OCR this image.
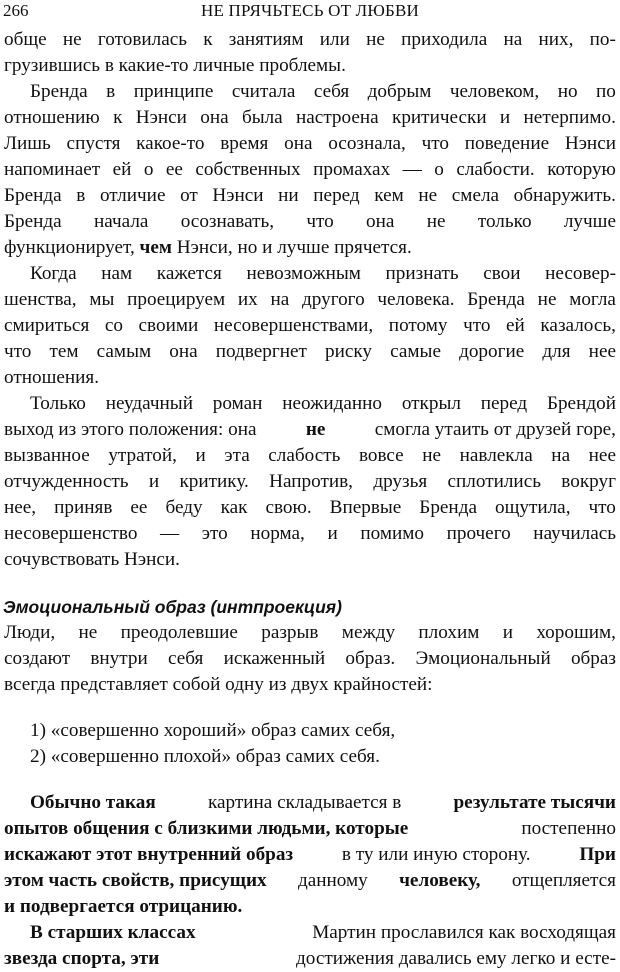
266	НЕ ПРЯЧЬТЕСЬ ОТ ЛЮБВИ
обще не готовилась к занятиям или не приходила на них, по-
грузившись в какие-то личные проблемы.
Бренда в принципе считала себя добрым человеком, но по
отношению к Нэнси она была настроена критически и нетерпимо.
Лишь спустя какое-то время она осознала, что поведение Нэнси
напоминает ей о ее собственных промахах — о слабости. которую
Бренда в отличие от Нэнси ни перед кем не смела обнаружить.
Бренда начала осознавать, что она не только лучше
функционирует, чем Нэнси, но и лучше прячется.
Когда нам кажется невозможным признать свои несовер-
шенства, мы проецируем их на другого человека. Бренда не могла
смириться со своими несовершенствами, потому что ей казалось,
что тем самым она подвергнет риску самые дорогие для нее
отношения.
Только неудачный роман неожиданно открыл перед Брендой
выход из этого положения: она	не	смогла утаить от друзей горе,
вызванное утратой, и эта слабость вовсе не навлекла на нее
отчужденность и критику. Напротив, друзья сплотились вокруг
нее, приняв ее беду как свою. Впервые Бренда ощутила, что
несовершенство — это норма, и помимо прочего научилась
сочувствовать Нэнси.
Эмоциональный образ (интпроекция)
Люди, не преодолевшие разрыв между плохим и хорошим,
создают внутри себя искаженный образ. Эмоциональный образ
всегда представляет собой одну из двух крайностей:
1) «совершенно хороший» образ самих себя,
2) «совершенно плохой» образ самих себя.
Обычно такая	картина складывается в	результате тысячи
опытов общения с близкими людьми, которые	постепенно
искажают этот внутренний образ	в ту или иную сторону.	При
этом часть свойств, присущих данному человеку, отщепляется
и подвергается отрицанию.
В старших классах	Мартин прославился как восходящая
звезда спорта, эти	достижения давались ему легко и есте-
